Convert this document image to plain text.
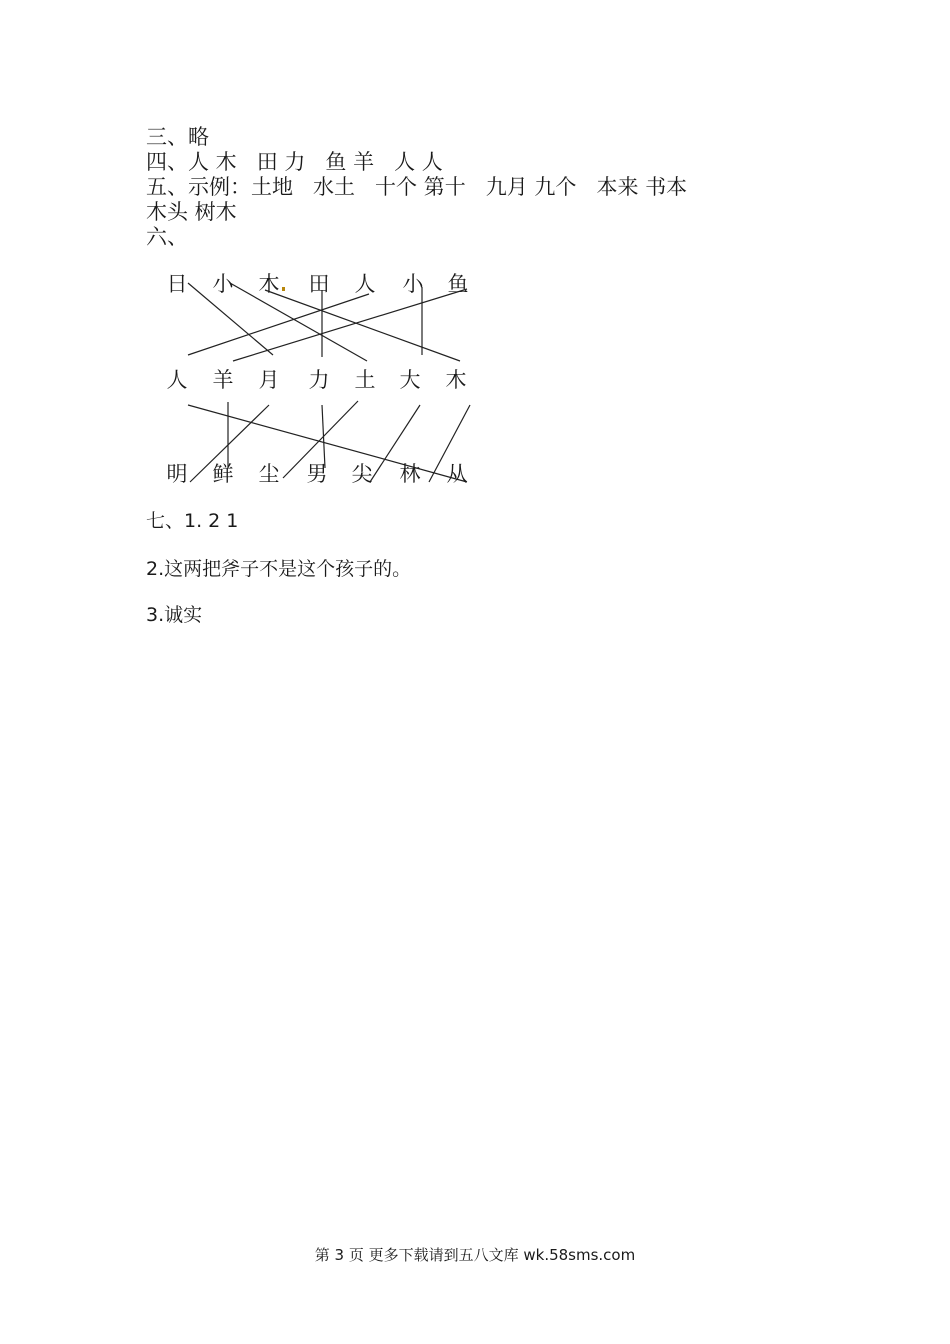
三、略
四、人 木   田 力   鱼 羊   人 人
五、示例：土地   水土   十个 第十   九月 九个   本来 书本
木头 树木
六、
日 小 木 田 人 小 鱼
人 羊 月 力 土 大 木
明 鲜 尘 男 尖 林 从
七、1. 2 1
2.这两把斧子不是这个孩子的。
3.诚实
第 3 页 更多下载请到五八文库 wk.58sms.com
